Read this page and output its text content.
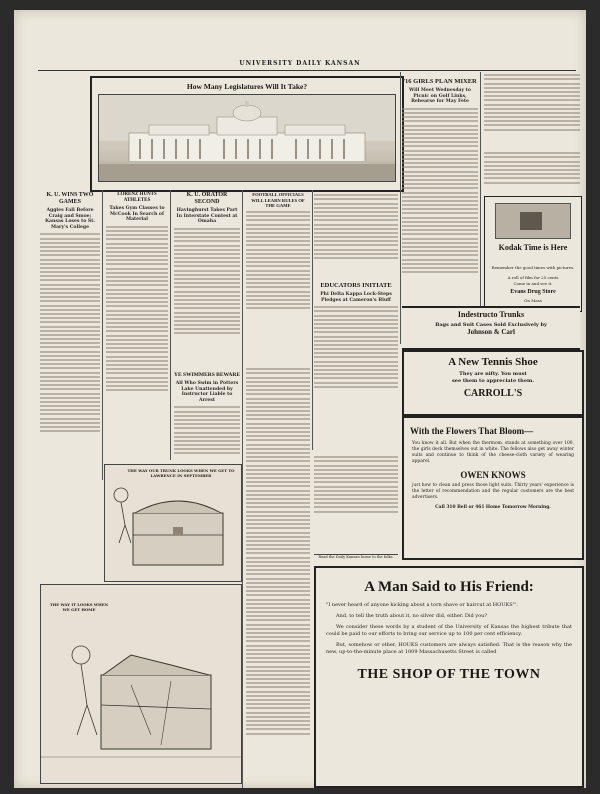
UNIVERSITY DAILY KANSAN
How Many Legislatures Will It Take?
Kodak Time is Here
Remember the good times with pictures.
A roll of film for 25 cents
Come in and see it.
Evans Drug Store
On Mass
K. U. WINS TWO GAMES
Aggies Fall Before Craig and Smoe; Kansas Loses to St. Mary's College
LORENZ HUNTS ATHLETES
Takes Gym Classes to McCook In Search of Material
K. U. ORATOR SECOND
Havinghurst Takes Part In Interstate Contest at Omaha
YE SWIMMERS BEWARE
All Who Swim in Potters Lake Unattended by Instructor Liable to Arrest
FOOTBALL OFFICIALS WILL LEARN RULES OF THE GAME
'16 GIRLS PLAN MIXER
Will Meet Wednesday to Picnic on Golf Links, Rehearse for May Fete
EDUCATORS INITIATE
Phi Delta Kappa Lock-Steps Pledges at Cameron's Bluff
Indestructo Trunks
Bags and Suit Cases Sold Exclusively by
Johnson & Carl
A New Tennis Shoe
They are nifty. You must
see them to appreciate them.
CARROLL'S
With the Flowers That Bloom—
You know it all. But when the thermom. stands at something over 100, the girls deck themselves out in white. The fellows also get away winter suits and continue to think of the cheese-cloth variety of wearing apparel.
OWEN KNOWS
just how to clean and press those light suits. Thirty years' experience is the letter of recommendation and the regular customers are the best advertisers.
Call 310 Bell or 461 Home Tomorrow Morning.
THE WAY OUR TRUNK LOOKS WHEN WE GET TO LAWRENCE IN SEPTEMBER
THE WAY IT LOOKS WHEN WE GET HOME
Read the Daily Kansan home to the folks.
A Man Said to His Friend:
"I never heard of anyone kicking about a torn shave or haircut at HOUKS'".
And, to tell the truth about it, no silver did, either. Did you?
We consider these words by a student of the University of Kansas the highest tribute that could be paid to our efforts to bring our service up to 100 per cent efficiency.
But, somehow or other, HOUKS customers are always satisfied. That is the reason why the new, up-to-the-minute place at 1009 Massachusetts Street is called
THE SHOP OF THE TOWN
